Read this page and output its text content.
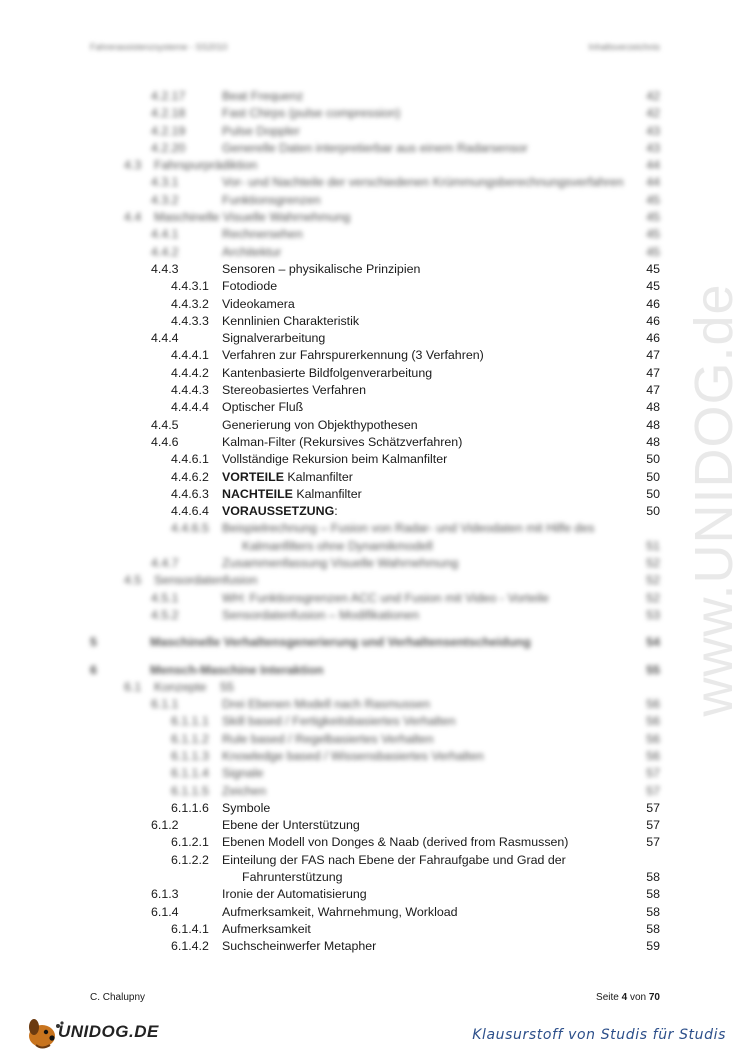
Fahrerassistenzsysteme - SS2010	Inhaltsverzeichnis
www.UNIDOG.de
4.2.17	Beat Frequenz	42
4.2.18	Fast Chirps (pulse compression)	42
4.2.19	Pulse Doppler	43
4.2.20	Generelle Daten interpretierbar aus einem Radarsensor	43
4.3 Fahrspurprädiktion	44
4.3.1	Vor- und Nachteile der verschiedenen Krümmungsberechnungsverfahren 44
4.3.2	Funktionsgrenzen	45
4.4 Maschinelle Visuelle Wahrnehmung	45
4.4.1	Rechnersehen	45
4.4.2	Architektur	45
4.4.3	Sensoren – physikalische Prinzipien	45
4.4.3.1 Fotodiode	45
4.4.3.2 Videokamera	46
4.4.3.3 Kennlinien Charakteristik	46
4.4.4	Signalverarbeitung	46
4.4.4.1 Verfahren zur Fahrspurerkennung (3 Verfahren)	47
4.4.4.2 Kantenbasierte Bildfolgenverarbeitung	47
4.4.4.3 Stereobasiertes Verfahren	47
4.4.4.4 Optischer Fluß	48
4.4.5	Generierung von Objekthypothesen	48
4.4.6	Kalman-Filter (Rekursives Schätzverfahren)	48
4.4.6.1 Vollständige Rekursion beim Kalmanfilter	50
4.4.6.2 VORTEILE Kalmanfilter	50
4.4.6.3 NACHTEILE Kalmanfilter	50
4.4.6.4 VORAUSSETZUNG:	50
4.4.6.5 Beispielrechnung – Fusion von Radar- und Videodaten mit Hilfe des
Kalmanfilters ohne Dynamikmodell	51
4.4.7	Zusammenfassung Visuelle Wahrnehmung	52
4.5 Sensordatenfusion	52
4.5.1	WH: Funktionsgrenzen ACC und Fusion mit Video - Vorteile	52
4.5.2	Sensordatenfusion – Modifikationen	53
5	Maschinelle Verhaltensgenerierung und Verhaltensentscheidung	54
6	Mensch-Maschine Interaktion	55
6.1 Konzepte    55
6.1.1	Drei Ebenen Modell nach Rasmussen	56
6.1.1.1 Skill based / Fertigkeitsbasiertes Verhalten	56
6.1.1.2 Rule based / Regelbasiertes Verhalten	56
6.1.1.3 Knowledge based / Wissensbasiertes Verhalten	56
6.1.1.4 Signale	57
6.1.1.5 Zeichen	57
6.1.1.6 Symbole	57
6.1.2	Ebene der Unterstützung	57
6.1.2.1 Ebenen Modell von Donges & Naab (derived from Rasmussen)	57
6.1.2.2 Einteilung der FAS nach Ebene der Fahraufgabe und Grad der
Fahrunterstützung	58
6.1.3	Ironie der Automatisierung	58
6.1.4	Aufmerksamkeit, Wahrnehmung, Workload	58
6.1.4.1 Aufmerksamkeit	58
6.1.4.2 Suchscheinwerfer Metapher	59
C. Chalupny	Seite 4 von 70
UNIDOG.DE	Klausurstoff von Studis für Studis
